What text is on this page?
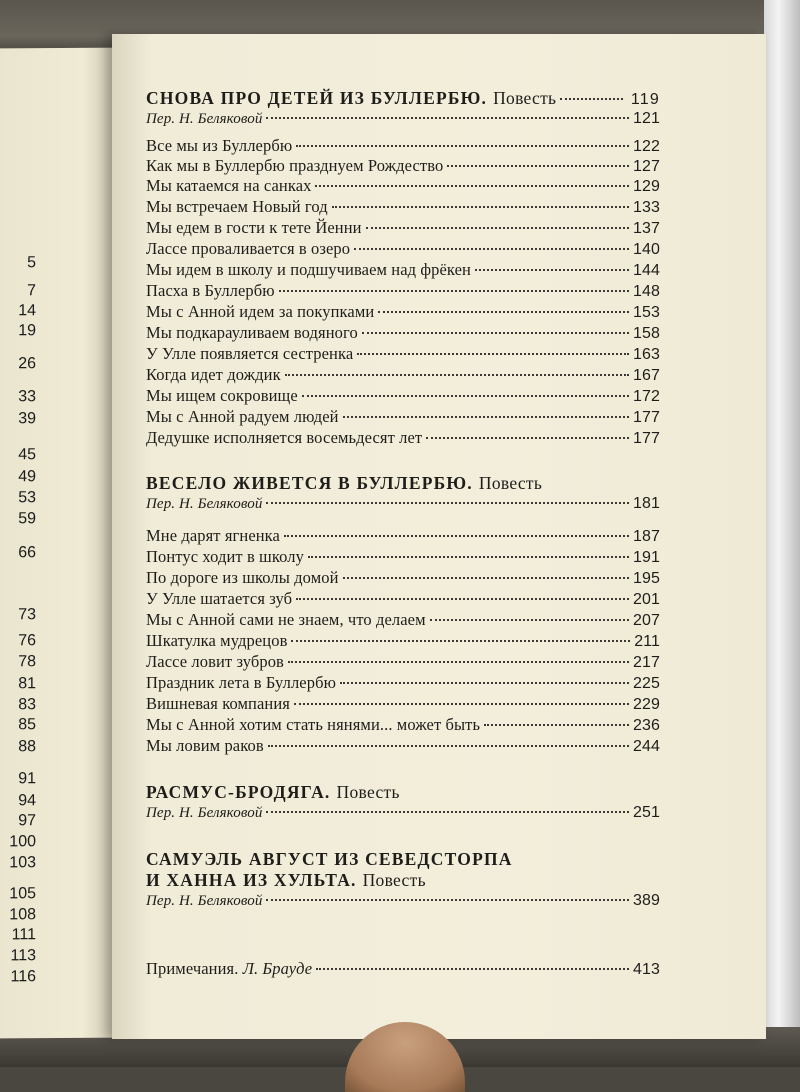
5
7
14
19
26
33
39
45
49
53
59
66
73
76
78
81
83
85
88
91
94
97
100
103
105
108
111
113
116
СНОВА ПРО ДЕТЕЙ ИЗ БУЛЛЕРБЮ. Повесть	119
Пер. Н. Беляковой	121
Все мы из Буллербю	122
Как мы в Буллербю празднуем Рождество	127
Мы катаемся на санках	129
Мы встречаем Новый год	133
Мы едем в гости к тете Йенни	137
Лассе проваливается в озеро	140
Мы идем в школу и подшучиваем над фрёкен	144
Пасха в Буллербю	148
Мы с Анной идем за покупками	153
Мы подкарауливаем водяного	158
У Улле появляется сестренка	163
Когда идет дождик	167
Мы ищем сокровище	172
Мы с Анной радуем людей	177
Дедушке исполняется восемьдесят лет	177
ВЕСЕЛО ЖИВЕТСЯ В БУЛЛЕРБЮ. Повесть
Пер. Н. Беляковой	181
Мне дарят ягненка	187
Понтус ходит в школу	191
По дороге из школы домой	195
У Улле шатается зуб	201
Мы с Анной сами не знаем, что делаем	207
Шкатулка мудрецов	211
Лассе ловит зубров	217
Праздник лета в Буллербю	225
Вишневая компания	229
Мы с Анной хотим стать нянями... может быть	236
Мы ловим раков	244
РАСМУС-БРОДЯГА. Повесть
Пер. Н. Беляковой	251
САМУЭЛЬ АВГУСТ ИЗ СЕВЕДСТОРПА
И ХАННА ИЗ ХУЛЬТА. Повесть
Пер. Н. Беляковой	389
Примечания. Л. Брауде	413
